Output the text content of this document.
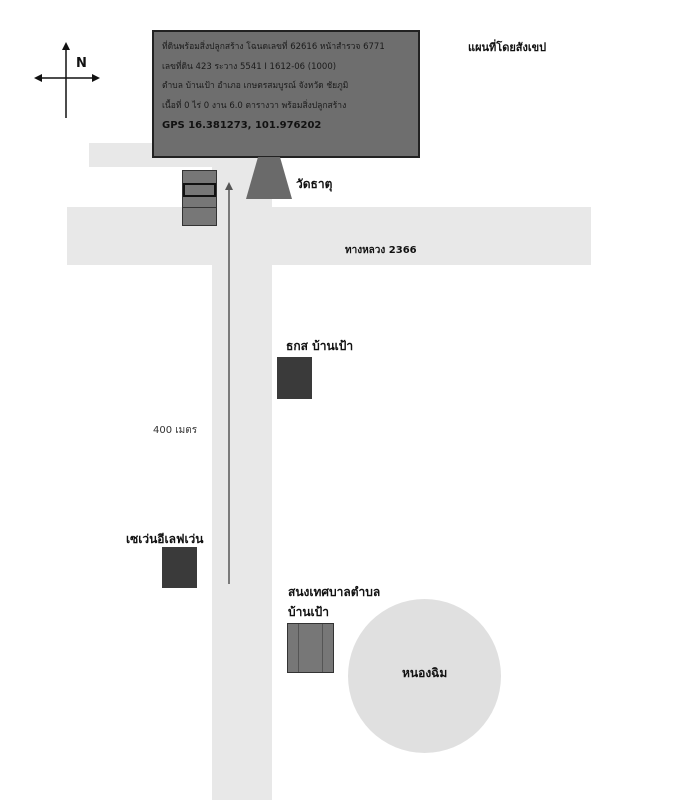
แผนที่โดยสังเขป
N
ที่ดินพร้อมสิ่งปลูกสร้าง โฉนดเลขที่ 62616 หน้าสำรวจ 6771
เลขที่ดิน 423 ระวาง 5541 I 1612-06 (1000)
ตำบล บ้านเป้า อำเภอ เกษตรสมบูรณ์ จังหวัด ชัยภูมิ
เนื้อที่ 0 ไร่ 0 งาน 6.0 ตารางวา พร้อมสิ่งปลูกสร้าง
GPS 16.381273, 101.976202
วัดธาตุ
400 เมตร
ทางหลวง 2366
ธกส บ้านเป้า
เซเว่นอีเลฟเว่น
สนงเทศบาลตำบล
บ้านเป้า
หนองฉิม
